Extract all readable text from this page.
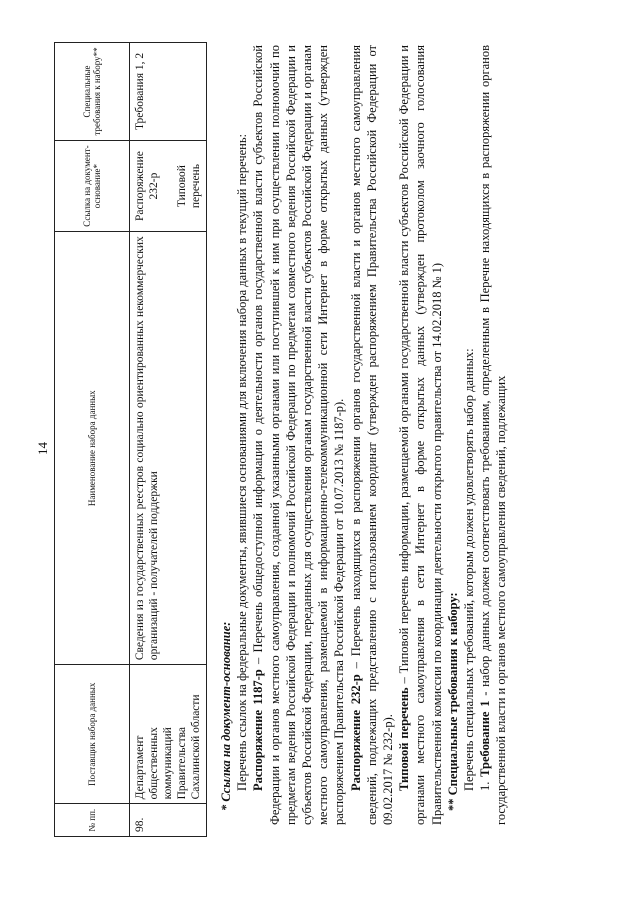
14
№ пп.	Поставщик набора данных	Наименование набора данных	Ссылка на документ-основание*	Специальные требования к набору**
98.	Департамент общественных коммуникаций Правительства Сахалинской области	Сведения из государственных реестров социально ориентированных некоммерческих организаций - получателей поддержки	Распоряжение 232-р Типовой перечень	Требования 1, 2

* Ссылка на документ-основание: Перечень ссылок на федеральные документы, явившиеся основаниями для включения набора данных в текущий перечень: Распоряжение 1187-р – Перечень общедоступной информации о деятельности органов государственной власти субъектов Российской Федерации и органов местного самоуправления, созданной указанными органами или поступившей к ним при осуществлении полномочий по предметам ведения Российской Федерации и полномочий Российской Федерации по предметам совместного ведения Российской Федерации и субъектов Российской Федерации, переданных для осуществления органам государственной власти субъектов Российской Федерации и органам местного самоуправления, размещаемой в информационно-телекоммуникационной сети Интернет в форме открытых данных (утвержден распоряжением Правительства Российской Федерации от 10.07.2013 № 1187-р). Распоряжение 232-р – Перечень находящихся в распоряжении органов государственной власти и органов местного самоуправления сведений, подлежащих представлению с использованием координат (утвержден распоряжением Правительства Российской Федерации от 09.02.2017 № 232-р). Типовой перечень – Типовой перечень информации, размещаемой органами государственной власти субъектов Российской Федерации и органами местного самоуправления в сети Интернет в форме открытых данных (утвержден протоколом заочного голосования Правительственной комиссии по координации деятельности открытого правительства от 14.02.2018 № 1) ** Специальные требования к набору: Перечень специальных требований, которым должен удовлетворять набор данных: 1. Требование 1 - набор данных должен соответствовать требованиям, определенным в Перечне находящихся в распоряжении органов государственной власти и органов местного самоуправления сведений, подлежащих
